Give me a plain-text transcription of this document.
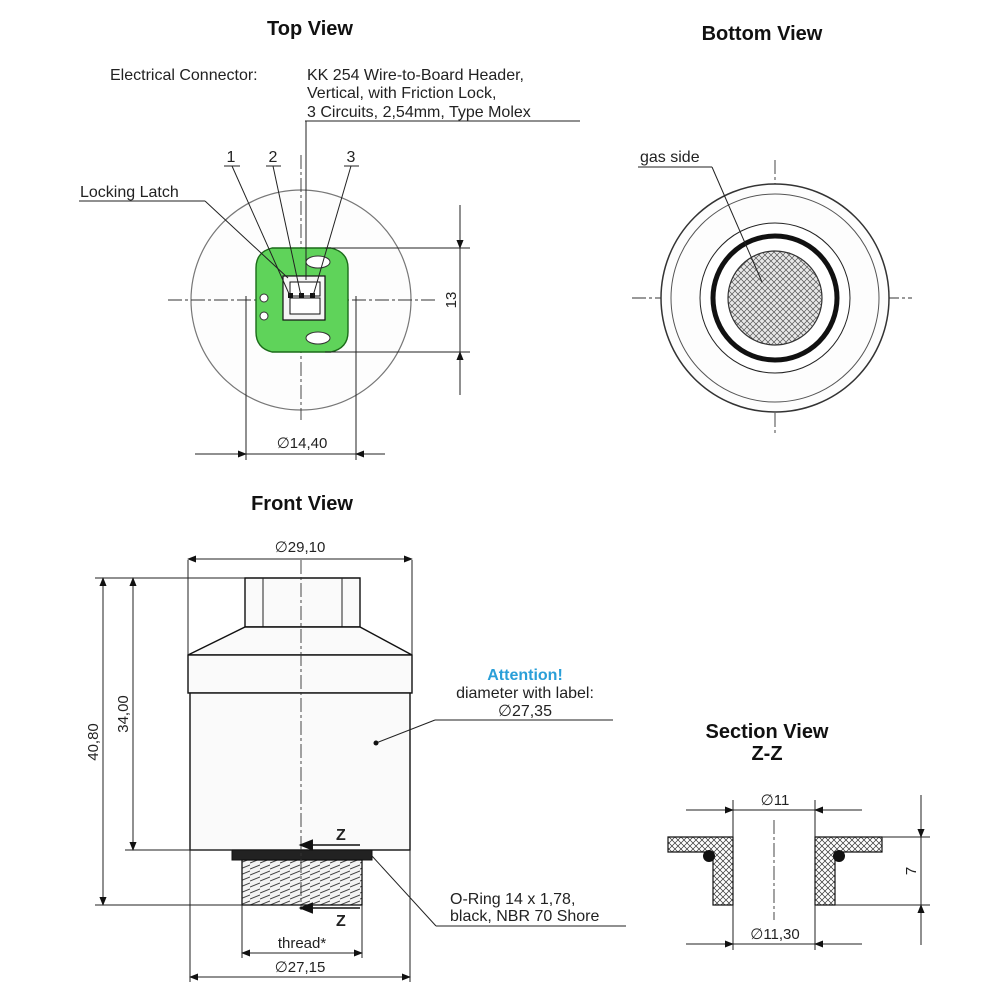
Top View
Electrical Connector:	KK 254 Wire-to-Board Header,
Vertical, with Friction Lock,
3 Circuits, 2,54mm, Type Molex
1 2	3
Locking Latch
13
∅14,40
Bottom View
gas side
Front View
∅29,10
40,80
34,00
Attention!
diameter with label:
∅27,35
Z
Z
O-Ring 14 x 1,78,
black, NBR 70 Shore
thread*
∅27,15
Section View
Z-Z
∅11
∅11,30
7
